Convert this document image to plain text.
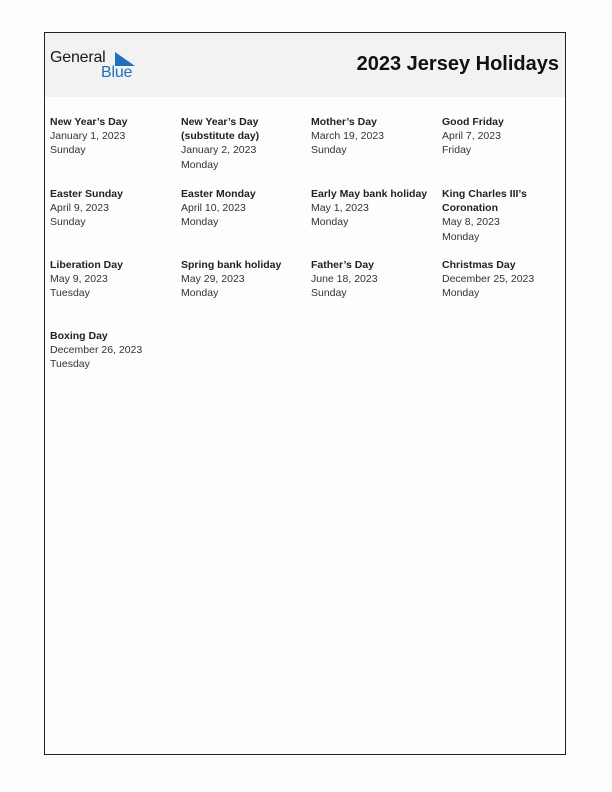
General
Blue	2023 Jersey Holidays
New Year’s Day
January 1, 2023
Sunday
New Year’s Day (substitute day)
January 2, 2023
Monday
Mother’s Day
March 19, 2023
Sunday
Good Friday
April 7, 2023
Friday
Easter Sunday
April 9, 2023
Sunday
Easter Monday
April 10, 2023
Monday
Early May bank holiday
May 1, 2023
Monday
King Charles III’s Coronation
May 8, 2023
Monday
Liberation Day
May 9, 2023
Tuesday
Spring bank holiday
May 29, 2023
Monday
Father’s Day
June 18, 2023
Sunday
Christmas Day
December 25, 2023
Monday
Boxing Day
December 26, 2023
Tuesday
